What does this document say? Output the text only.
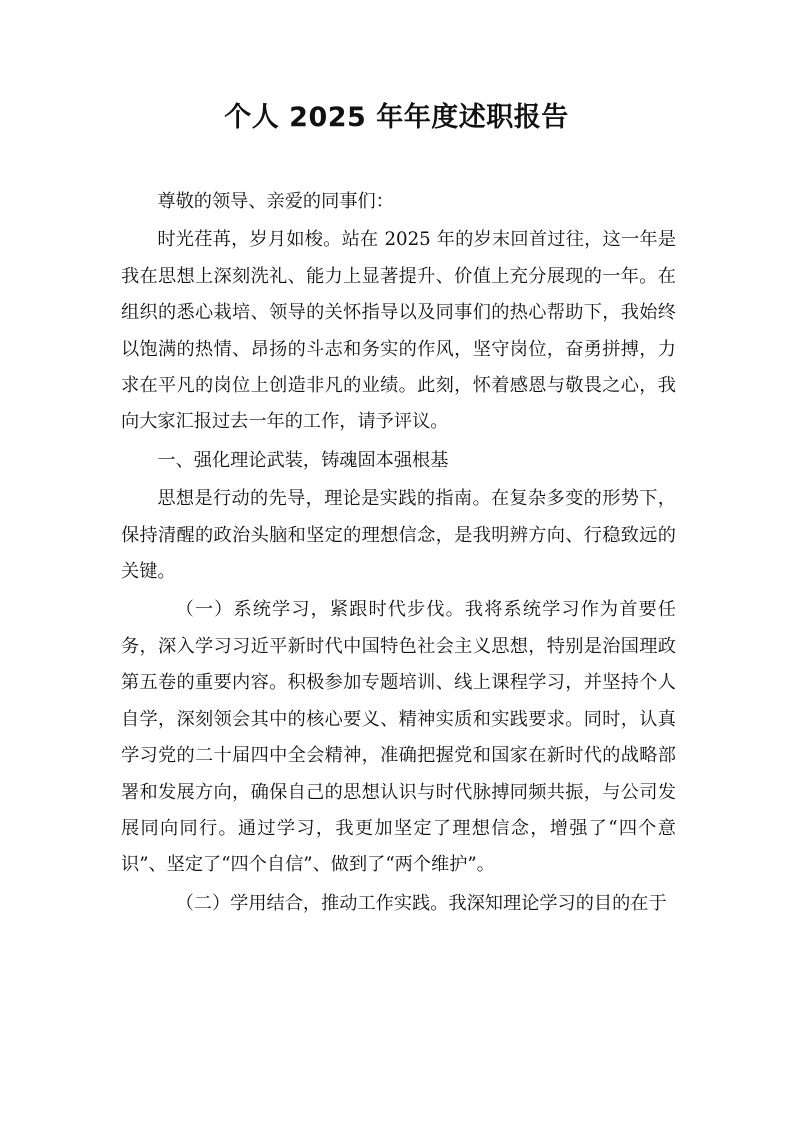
个人 2025 年年度述职报告

尊敬的领导、亲爱的同事们：

时光荏苒，岁月如梭。站在 2025 年的岁末回首过往，这一年是我在思想上深刻洗礼、能力上显著提升、价值上充分展现的一年。在组织的悉心栽培、领导的关怀指导以及同事们的热心帮助下，我始终以饱满的热情、昂扬的斗志和务实的作风，坚守岗位，奋勇拼搏，力求在平凡的岗位上创造非凡的业绩。此刻，怀着感恩与敬畏之心，我向大家汇报过去一年的工作，请予评议。

一、强化理论武装，铸魂固本强根基

思想是行动的先导，理论是实践的指南。在复杂多变的形势下，保持清醒的政治头脑和坚定的理想信念，是我明辨方向、行稳致远的关键。

（一）系统学习，紧跟时代步伐。我将系统学习作为首要任务，深入学习习近平新时代中国特色社会主义思想，特别是治国理政第五卷的重要内容。积极参加专题培训、线上课程学习，并坚持个人自学，深刻领会其中的核心要义、精神实质和实践要求。同时，认真学习党的二十届四中全会精神，准确把握党和国家在新时代的战略部署和发展方向，确保自己的思想认识与时代脉搏同频共振，与公司发展同向同行。通过学习，我更加坚定了理想信念，增强了“四个意识”、坚定了“四个自信”、做到了“两个维护”。

（二）学用结合，推动工作实践。我深知理论学习的目的在于
